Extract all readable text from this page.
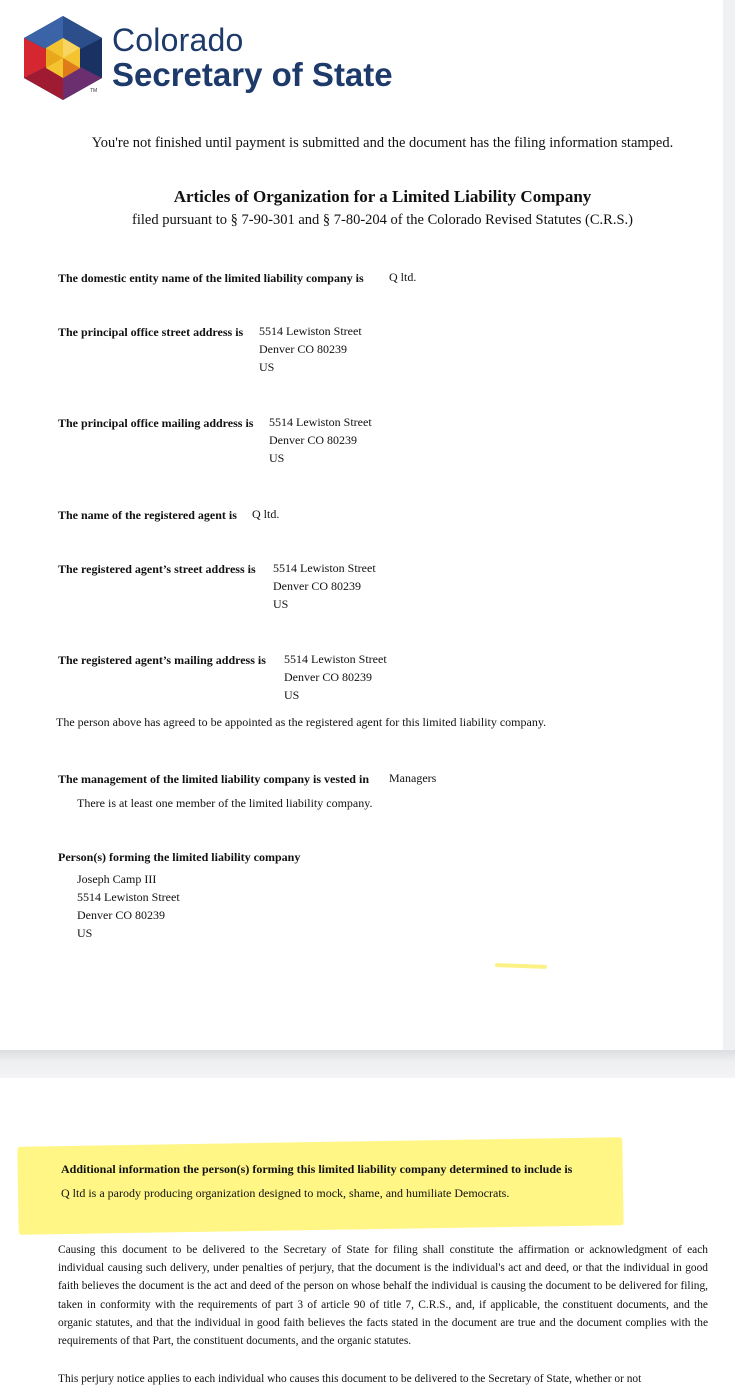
TM
Colorado
Secretary of State
You're not finished until payment is submitted and the document has the filing information stamped.
Articles of Organization for a Limited Liability Company
filed pursuant to § 7-90-301 and § 7-80-204 of the Colorado Revised Statutes (C.R.S.)
The domestic entity name of the limited liability company is Q ltd.
The principal office street address is 5514 Lewiston Street
Denver CO 80239
US
The principal office mailing address is 5514 Lewiston Street
Denver CO 80239
US
The name of the registered agent is Q ltd.
The registered agent’s street address is 5514 Lewiston Street
Denver CO 80239
US
The registered agent’s mailing address is 5514 Lewiston Street
Denver CO 80239
US
The person above has agreed to be appointed as the registered agent for this limited liability company.
The management of the limited liability company is vested in Managers
There is at least one member of the limited liability company.
Person(s) forming the limited liability company
Joseph Camp III
5514 Lewiston Street
Denver CO 80239
US
Additional information the person(s) forming this limited liability company determined to include is
Q ltd is a parody producing organization designed to mock, shame, and humiliate Democrats.
Causing this document to be delivered to the Secretary of State for filing shall constitute the affirmation or acknowledgment of each individual causing such delivery, under penalties of perjury, that the document is the individual's act and deed, or that the individual in good faith believes the document is the act and deed of the person on whose behalf the individual is causing the document to be delivered for filing, taken in conformity with the requirements of part 3 of article 90 of title 7, C.R.S., and, if applicable, the constituent documents, and the organic statutes, and that the individual in good faith believes the facts stated in the document are true and the document complies with the requirements of that Part, the constituent documents, and the organic statutes.
This perjury notice applies to each individual who causes this document to be delivered to the Secretary of State, whether or not
